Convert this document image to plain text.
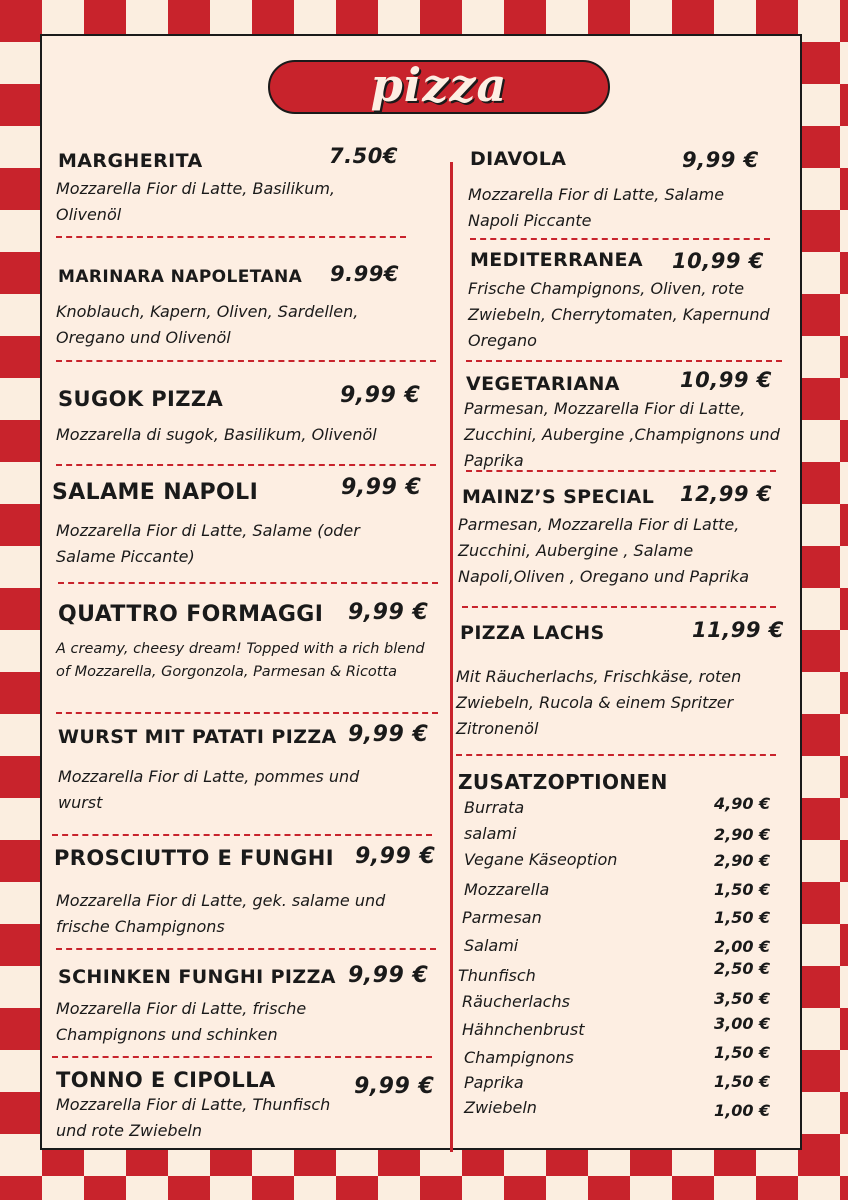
pizza
MARGHERITA	7.50€
Mozzarella Fior di Latte, Basilikum, Olivenöl
MARINARA NAPOLETANA 9.99€
Knoblauch, Kapern, Oliven, Sardellen, Oregano und Olivenöl
SUGOK PIZZA	9,99 €
Mozzarella di sugok, Basilikum, Olivenöl
SALAME NAPOLI	9,99 €
Mozzarella Fior di Latte, Salame (oder Salame Piccante)
QUATTRO FORMAGGI 9,99 €
A creamy, cheesy dream! Topped with a rich blend of Mozzarella, Gorgonzola, Parmesan & Ricotta
WURST MIT PATATI PIZZA 9,99 €
Mozzarella Fior di Latte, pommes und wurst
PROSCIUTTO E FUNGHI 9,99 €
Mozzarella Fior di Latte, gek. salame und frische Champignons
SCHINKEN FUNGHI PIZZA 9,99 €
Mozzarella Fior di Latte, frische Champignons und schinken
TONNO E CIPOLLA	9,99 €
Mozzarella Fior di Latte, Thunfisch und rote Zwiebeln
DIAVOLA	9,99 €
Mozzarella Fior di Latte, Salame Napoli Piccante
MEDITERRANEA 10,99 €
Frische Champignons, Oliven, rote Zwiebeln, Cherrytomaten, Kapernund Oregano
VEGETARIANA	10,99 €
Parmesan, Mozzarella Fior di Latte, Zucchini, Aubergine ,Champignons und Paprika
MAINZ’S SPECIAL 12,99 €
Parmesan, Mozzarella Fior di Latte, Zucchini, Aubergine , Salame Napoli,Oliven , Oregano und Paprika
PIZZA LACHS	11,99 €
Mit Räucherlachs, Frischkäse, roten Zwiebeln, Rucola & einem Spritzer Zitronenöl
ZUSATZOPTIONEN
Burrata	4,90 €
salami	2,90 €
Vegane Käseoption	2,90 €
Mozzarella	1,50 €
Parmesan	1,50 €
Salami	2,00 €
Thunfisch	2,50 €
Räucherlachs	3,50 €
Hähnchenbrust	3,00 €
Champignons	1,50 €
Paprika	1,50 €
Zwiebeln	1,00 €
